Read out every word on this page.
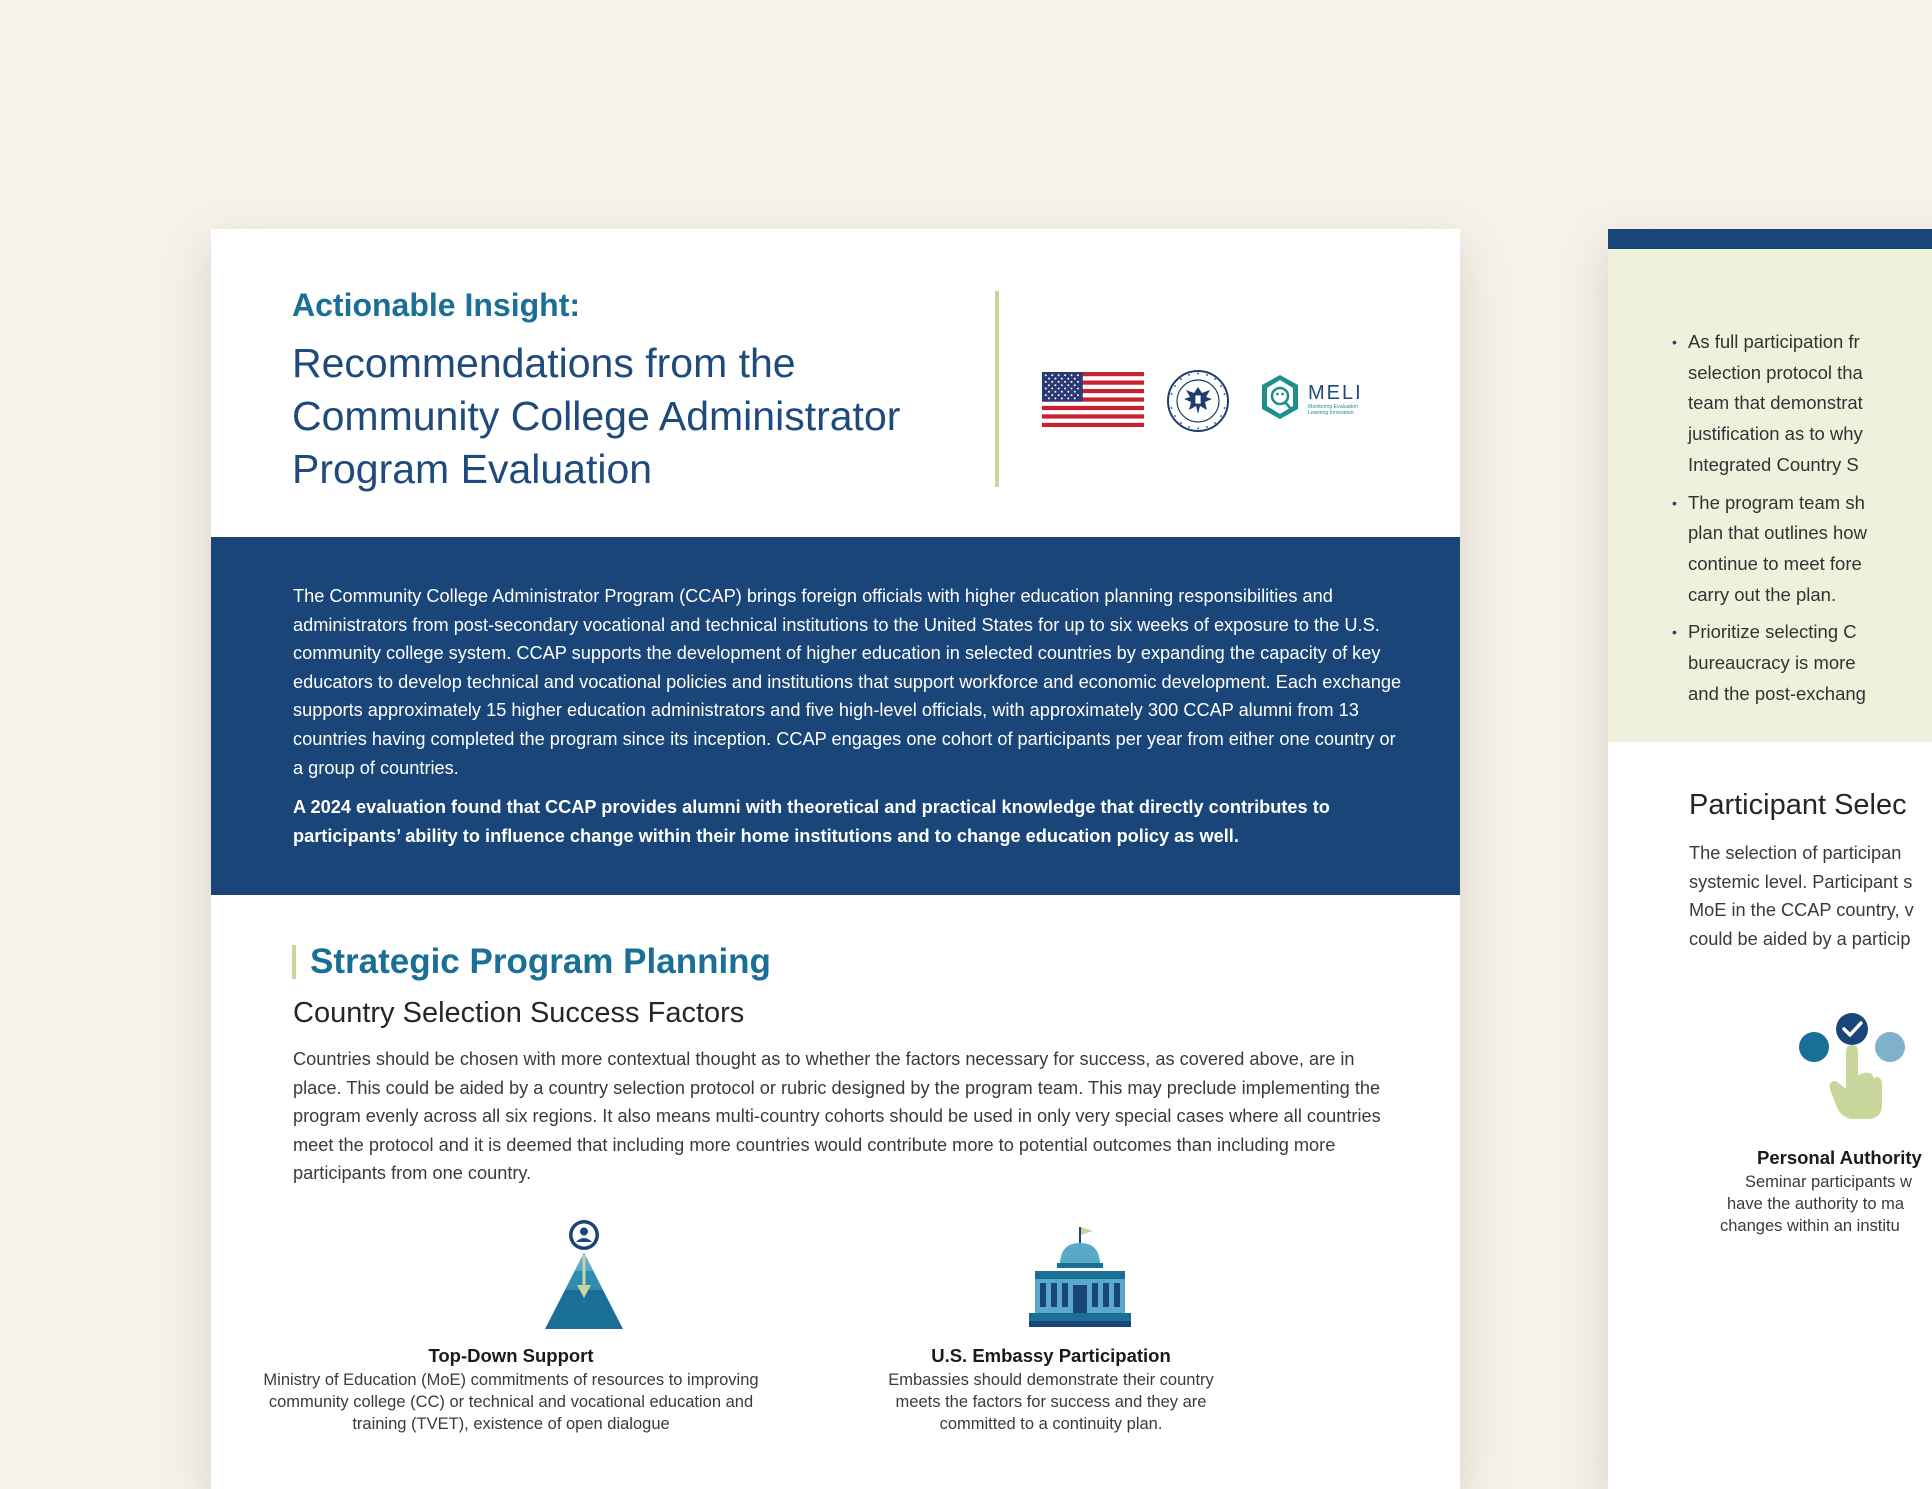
Actionable Insight:
Recommendations from the
Community College Administrator
Program Evaluation
MELI
Monitoring Evaluation
Learning Innovation

The Community College Administrator Program (CCAP) brings foreign officials with higher education planning responsibilities and administrators from post-secondary vocational and technical institutions to the United States for up to six weeks of exposure to the U.S. community college system. CCAP supports the development of higher education in selected countries by expanding the capacity of key educators to develop technical and vocational policies and institutions that support workforce and economic development. Each exchange supports approximately 15 higher education administrators and five high-level officials, with approximately 300 CCAP alumni from 13 countries having completed the program since its inception. CCAP engages one cohort of participants per year from either one country or a group of countries.

A 2024 evaluation found that CCAP provides alumni with theoretical and practical knowledge that directly contributes to participants’ ability to influence change within their home institutions and to change education policy as well.

Strategic Program Planning
Country Selection Success Factors

Countries should be chosen with more contextual thought as to whether the factors necessary for success, as covered above, are in place. This could be aided by a country selection protocol or rubric designed by the program team. This may preclude implementing the program evenly across all six regions. It also means multi-country cohorts should be used in only very special cases where all countries meet the protocol and it is deemed that including more countries would contribute more to potential outcomes than including more participants from one country.

Top-Down Support
Ministry of Education (MoE) commitments of resources to improving community college (CC) or technical and vocational education and training (TVET), existence of open dialogue
U.S. Embassy Participation
Embassies should demonstrate their country meets the factors for success and they are committed to a continuity plan.
• As full participation fr
selection protocol tha
team that demonstrat
justification as to why
Integrated Country S
• The program team sh
plan that outlines how
continue to meet fore
carry out the plan.
• Prioritize selecting C
bureaucracy is more
and the post-exchang
Participant Selec

The selection of participan
systemic level. Participant s
MoE in the CCAP country, v
could be aided by a particip

Personal Authority
Seminar participants w
have the authority to ma
changes within an institu
